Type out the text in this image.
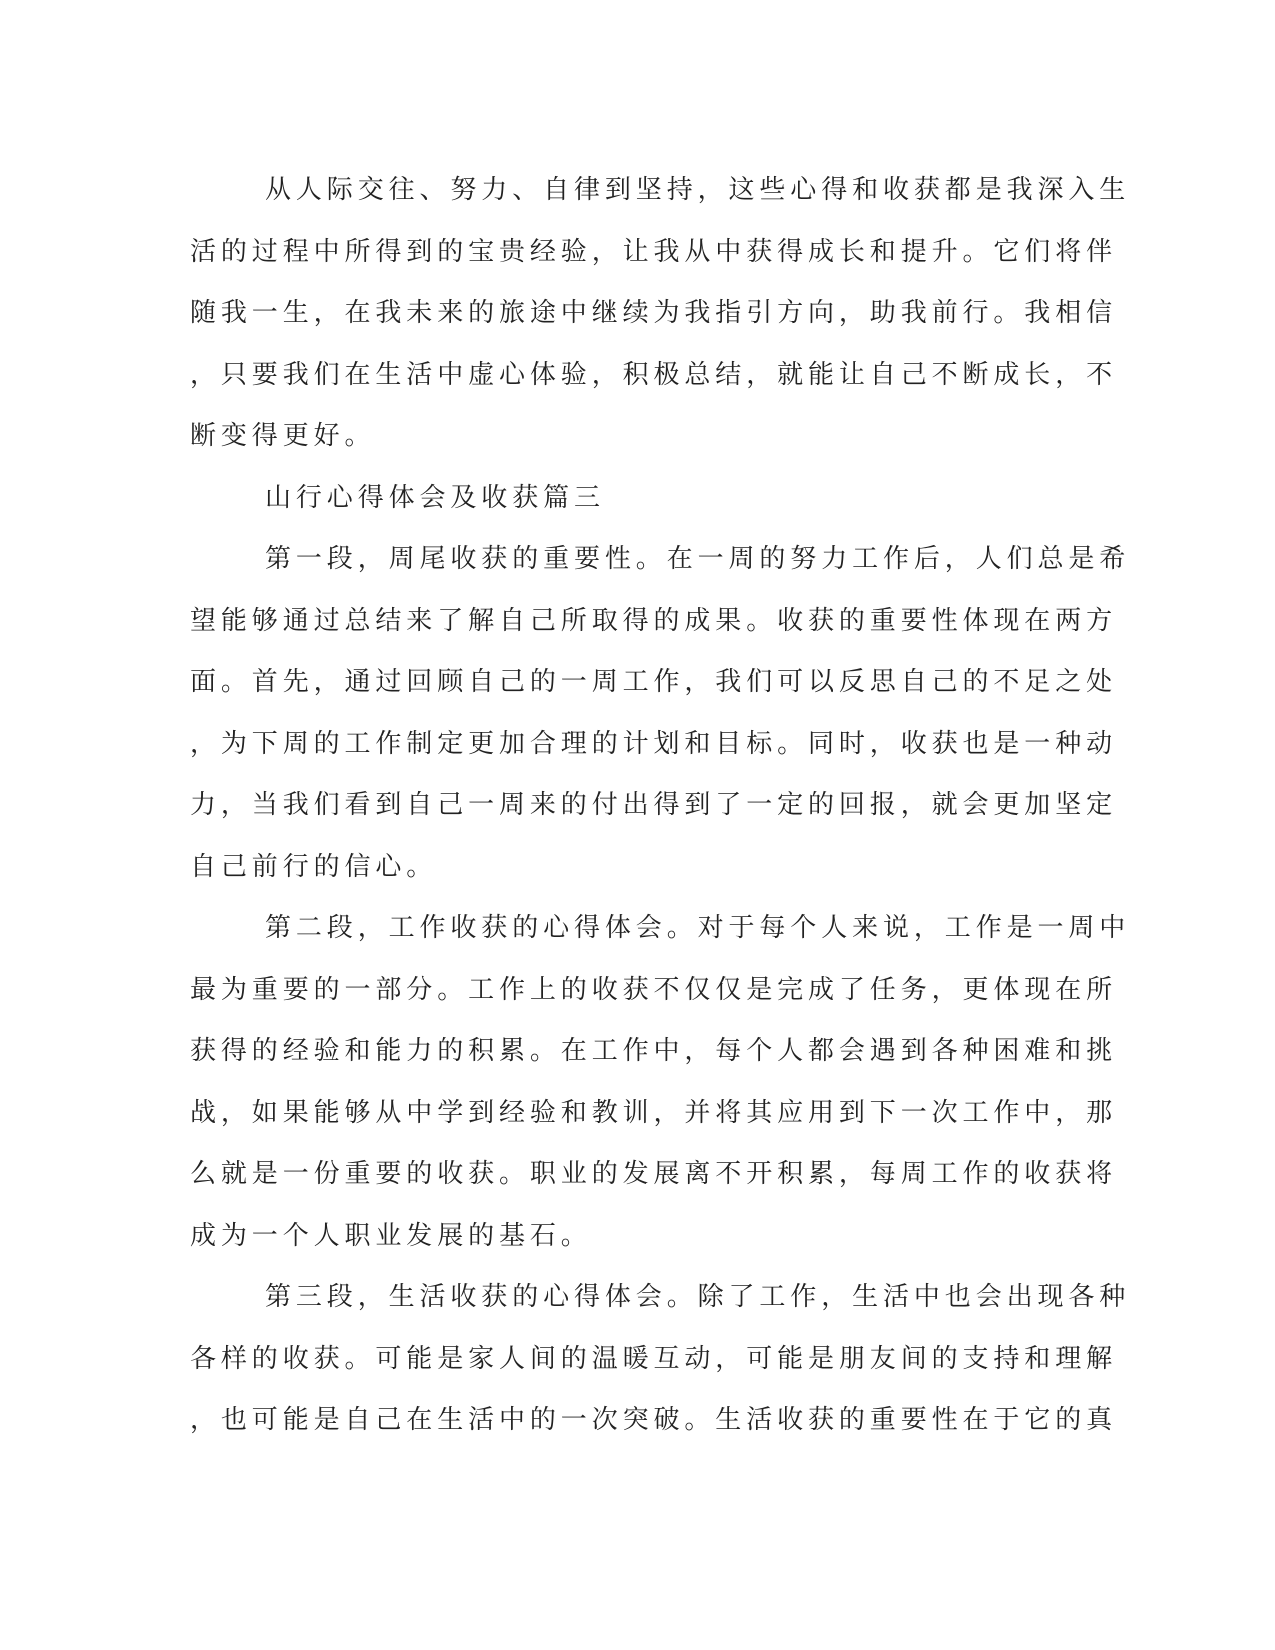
从人际交往、努力、自律到坚持，这些心得和收获都是我深入生
活的过程中所得到的宝贵经验，让我从中获得成长和提升。它们将伴
随我一生，在我未来的旅途中继续为我指引方向，助我前行。我相信
，只要我们在生活中虚心体验，积极总结，就能让自己不断成长，不
断变得更好。
山行心得体会及收获篇三
第一段，周尾收获的重要性。在一周的努力工作后，人们总是希
望能够通过总结来了解自己所取得的成果。收获的重要性体现在两方
面。首先，通过回顾自己的一周工作，我们可以反思自己的不足之处
，为下周的工作制定更加合理的计划和目标。同时，收获也是一种动
力，当我们看到自己一周来的付出得到了一定的回报，就会更加坚定
自己前行的信心。
第二段，工作收获的心得体会。对于每个人来说，工作是一周中
最为重要的一部分。工作上的收获不仅仅是完成了任务，更体现在所
获得的经验和能力的积累。在工作中，每个人都会遇到各种困难和挑
战，如果能够从中学到经验和教训，并将其应用到下一次工作中，那
么就是一份重要的收获。职业的发展离不开积累，每周工作的收获将
成为一个人职业发展的基石。
第三段，生活收获的心得体会。除了工作，生活中也会出现各种
各样的收获。可能是家人间的温暖互动，可能是朋友间的支持和理解
，也可能是自己在生活中的一次突破。生活收获的重要性在于它的真
